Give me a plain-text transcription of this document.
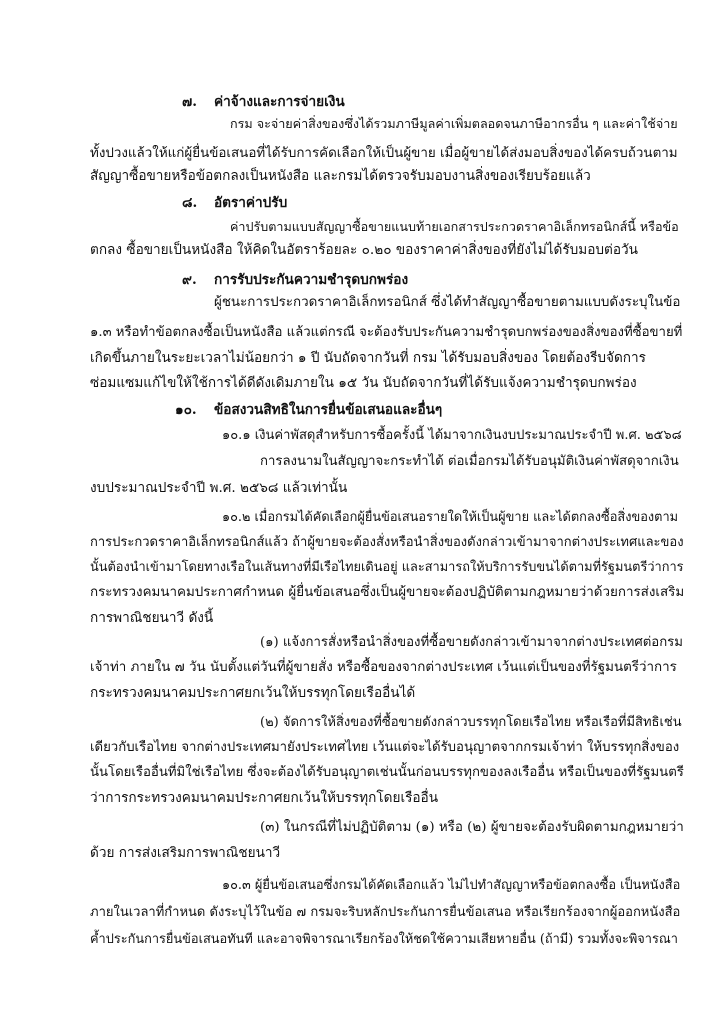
๗. ค่าจ้างและการจ่ายเงิน
กรม จะจ่ายค่าสิ่งของซึ่งได้รวมภาษีมูลค่าเพิ่มตลอดจนภาษีอากรอื่น ๆ และค่าใช้จ่าย
ทั้งปวงแล้วให้แก่ผู้ยื่นข้อเสนอที่ได้รับการคัดเลือกให้เป็นผู้ขาย เมื่อผู้ขายได้ส่งมอบสิ่งของได้ครบถ้วนตาม
สัญญาซื้อขายหรือข้อตกลงเป็นหนังสือ และกรมได้ตรวจรับมอบงานสิ่งของเรียบร้อยแล้ว
๘. อัตราค่าปรับ
ค่าปรับตามแบบสัญญาซื้อขายแนบท้ายเอกสารประกวดราคาอิเล็กทรอนิกส์นี้ หรือข้อ
ตกลง ซื้อขายเป็นหนังสือ ให้คิดในอัตราร้อยละ ๐.๒๐ ของราคาค่าสิ่งของที่ยังไม่ได้รับมอบต่อวัน
๙. การรับประกันความชำรุดบกพร่อง
ผู้ชนะการประกวดราคาอิเล็กทรอนิกส์ ซึ่งได้ทำสัญญาซื้อขายตามแบบดังระบุในข้อ
๑.๓ หรือทำข้อตกลงซื้อเป็นหนังสือ แล้วแต่กรณี จะต้องรับประกันความชำรุดบกพร่องของสิ่งของที่ซื้อขายที่
เกิดขึ้นภายในระยะเวลาไม่น้อยกว่า ๑ ปี นับถัดจากวันที่ กรม ได้รับมอบสิ่งของ โดยต้องรีบจัดการ
ซ่อมแซมแก้ไขให้ใช้การได้ดีดังเดิมภายใน ๑๕ วัน นับถัดจากวันที่ได้รับแจ้งความชำรุดบกพร่อง
๑๐. ข้อสงวนสิทธิในการยื่นข้อเสนอและอื่นๆ
๑๐.๑ เงินค่าพัสดุสำหรับการซื้อครั้งนี้ ได้มาจากเงินงบประมาณประจำปี พ.ศ. ๒๕๖๘
การลงนามในสัญญาจะกระทำได้ ต่อเมื่อกรมได้รับอนุมัติเงินค่าพัสดุจากเงิน
งบประมาณประจำปี พ.ศ. ๒๕๖๘ แล้วเท่านั้น
๑๐.๒ เมื่อกรมได้คัดเลือกผู้ยื่นข้อเสนอรายใดให้เป็นผู้ขาย และได้ตกลงซื้อสิ่งของตาม
การประกวดราคาอิเล็กทรอนิกส์แล้ว ถ้าผู้ขายจะต้องสั่งหรือนำสิ่งของดังกล่าวเข้ามาจากต่างประเทศและของ
นั้นต้องนำเข้ามาโดยทางเรือในเส้นทางที่มีเรือไทยเดินอยู่ และสามารถให้บริการรับขนได้ตามที่รัฐมนตรีว่าการ
กระทรวงคมนาคมประกาศกำหนด ผู้ยื่นข้อเสนอซึ่งเป็นผู้ขายจะต้องปฏิบัติตามกฎหมายว่าด้วยการส่งเสริม
การพาณิชยนาวี ดังนี้
(๑) แจ้งการสั่งหรือนำสิ่งของที่ซื้อขายดังกล่าวเข้ามาจากต่างประเทศต่อกรม
เจ้าท่า ภายใน ๗ วัน นับตั้งแต่วันที่ผู้ขายสั่ง หรือซื้อของจากต่างประเทศ เว้นแต่เป็นของที่รัฐมนตรีว่าการ
กระทรวงคมนาคมประกาศยกเว้นให้บรรทุกโดยเรืออื่นได้
(๒) จัดการให้สิ่งของที่ซื้อขายดังกล่าวบรรทุกโดยเรือไทย หรือเรือที่มีสิทธิเช่น
เดียวกับเรือไทย จากต่างประเทศมายังประเทศไทย เว้นแต่จะได้รับอนุญาตจากกรมเจ้าท่า ให้บรรทุกสิ่งของ
นั้นโดยเรืออื่นที่มิใช่เรือไทย ซึ่งจะต้องได้รับอนุญาตเช่นนั้นก่อนบรรทุกของลงเรืออื่น หรือเป็นของที่รัฐมนตรี
ว่าการกระทรวงคมนาคมประกาศยกเว้นให้บรรทุกโดยเรืออื่น
(๓) ในกรณีที่ไม่ปฏิบัติตาม (๑) หรือ (๒) ผู้ขายจะต้องรับผิดตามกฎหมายว่า
ด้วย การส่งเสริมการพาณิชยนาวี
๑๐.๓ ผู้ยื่นข้อเสนอซึ่งกรมได้คัดเลือกแล้ว ไม่ไปทำสัญญาหรือข้อตกลงซื้อ เป็นหนังสือ
ภายในเวลาที่กำหนด ดังระบุไว้ในข้อ ๗ กรมจะริบหลักประกันการยื่นข้อเสนอ หรือเรียกร้องจากผู้ออกหนังสือ
ค้ำประกันการยื่นข้อเสนอทันที และอาจพิจารณาเรียกร้องให้ชดใช้ความเสียหายอื่น (ถ้ามี) รวมทั้งจะพิจารณา
